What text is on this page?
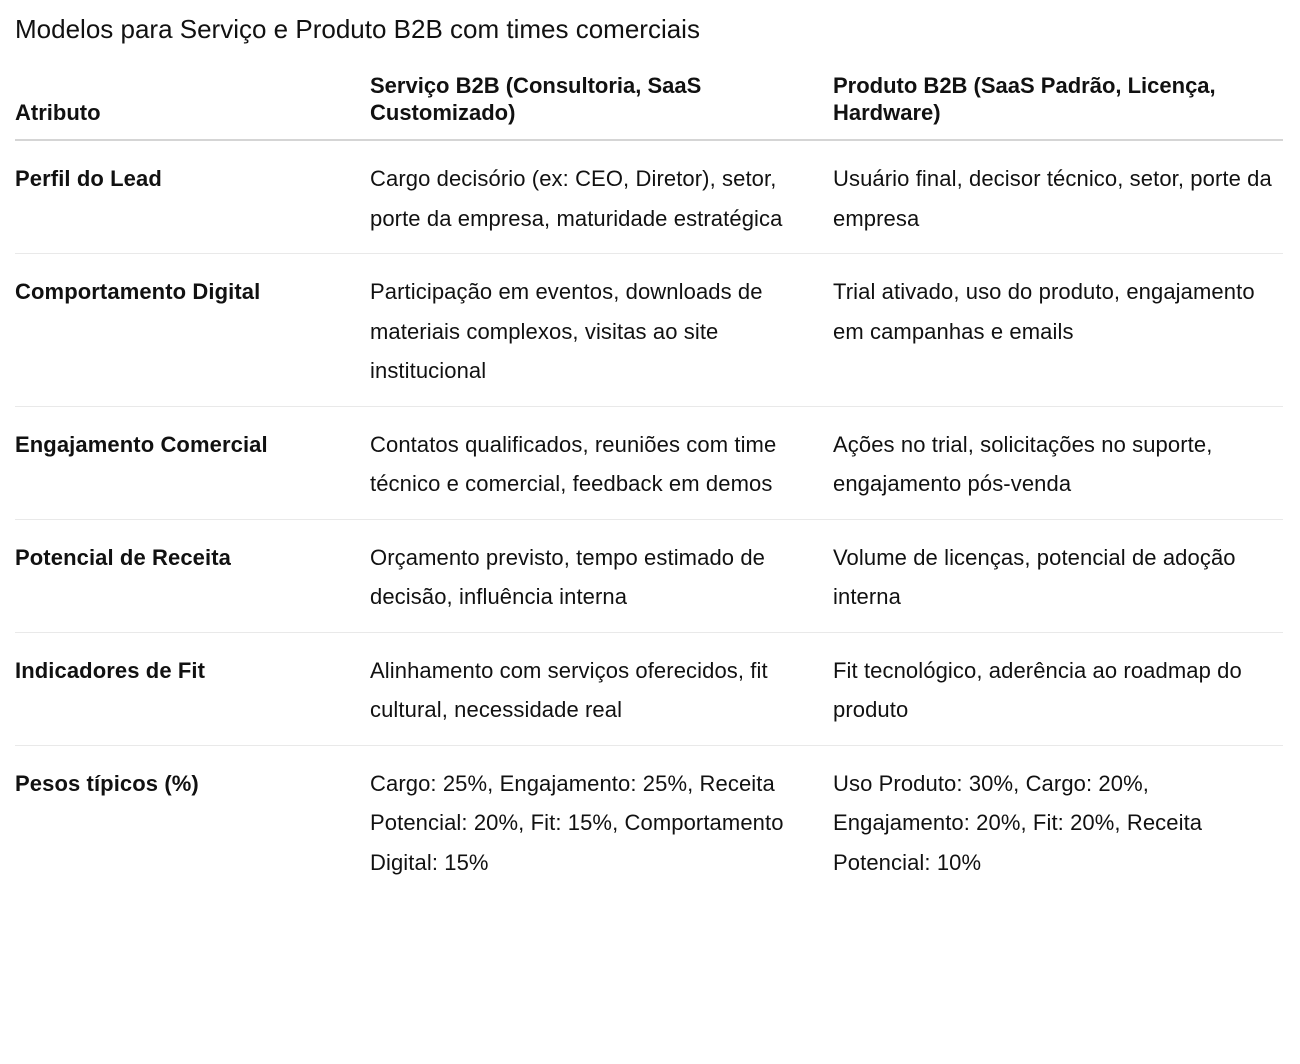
Modelos para Serviço e Produto B2B com times comerciais
Atributo	Serviço B2B (Consultoria, SaaS Customizado)	Produto B2B (SaaS Padrão, Licença, Hardware)
Perfil do Lead	Cargo decisório (ex: CEO, Diretor), setor, porte da empresa, maturidade estratégica	Usuário final, decisor técnico, setor, porte da empresa
Comportamento Digital	Participação em eventos, downloads de materiais complexos, visitas ao site institucional	Trial ativado, uso do produto, engajamento em campanhas e emails
Engajamento Comercial	Contatos qualificados, reuniões com time técnico e comercial, feedback em demos	Ações no trial, solicitações no suporte, engajamento pós-venda
Potencial de Receita	Orçamento previsto, tempo estimado de decisão, influência interna	Volume de licenças, potencial de adoção interna
Indicadores de Fit	Alinhamento com serviços oferecidos, fit cultural, necessidade real	Fit tecnológico, aderência ao roadmap do produto
Pesos típicos (%)	Cargo: 25%, Engajamento: 25%, Receita Potencial: 20%, Fit: 15%, Comportamento Digital: 15%	Uso Produto: 30%, Cargo: 20%, Engajamento: 20%, Fit: 20%, Receita Potencial: 10%
